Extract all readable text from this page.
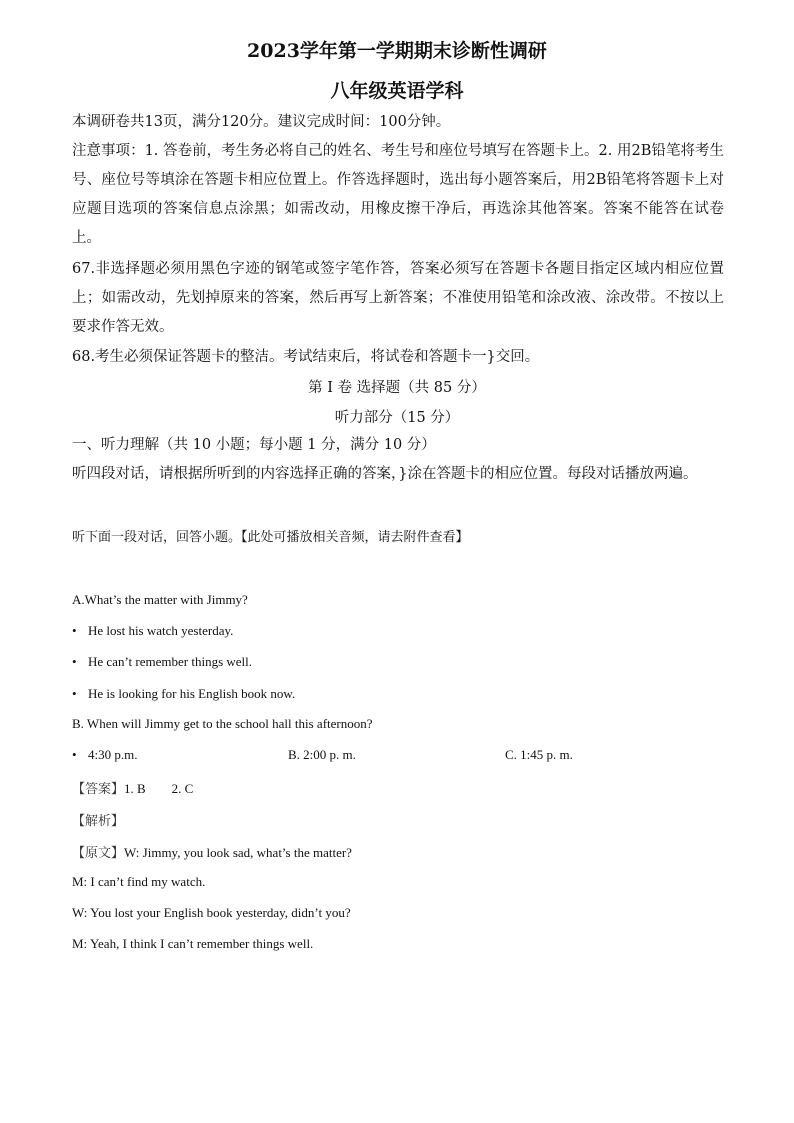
2023学年第一学期期末诊断性调研
八年级英语学科
本调研卷共13页，满分120分。建议完成时间：100分钟。
注意事项：1. 答卷前，考生务必将自己的姓名、考生号和座位号填写在答题卡上。2. 用2B铅笔将考生号、座位号等填涂在答题卡相应位置上。作答选择题时，选出每小题答案后，用2B铅笔将答题卡上对应题目选项的答案信息点涂黑；如需改动，用橡皮擦干净后，再选涂其他答案。答案不能答在试卷上。
67.非选择题必须用黑色字迹的钢笔或签字笔作答，答案必须写在答题卡各题目指定区域内相应位置上；如需改动，先划掉原来的答案，然后再写上新答案；不准使用铅笔和涂改液、涂改带。不按以上要求作答无效。
68.考生必须保证答题卡的整洁。考试结束后，将试卷和答题卡一}交回。
第 I 卷 选择题（共 85 分）
听力部分（15 分）
一、听力理解（共 10 小题；每小题 1 分，满分 10 分）
听四段对话，请根据所听到的内容选择正确的答案，}涂在答题卡的相应位置。每段对话播放两遍。
听下面一段对话，回答小题。【此处可播放相关音频，请去附件查看】
A.What’s the matter with Jimmy?
• He lost his watch yesterday.
• He can’t remember things well.
• He is looking for his English book now.
B. When will Jimmy get to the school hall this afternoon?
• 4:30 p.m.	B. 2:00 p. m.	C. 1:45 p. m.
【答案】1. B        2. C
【解析】
【原文】W: Jimmy, you look sad, what’s the matter?
M: I can’t find my watch.
W: You lost your English book yesterday, didn’t you?
M: Yeah, I think I can’t remember things well.
